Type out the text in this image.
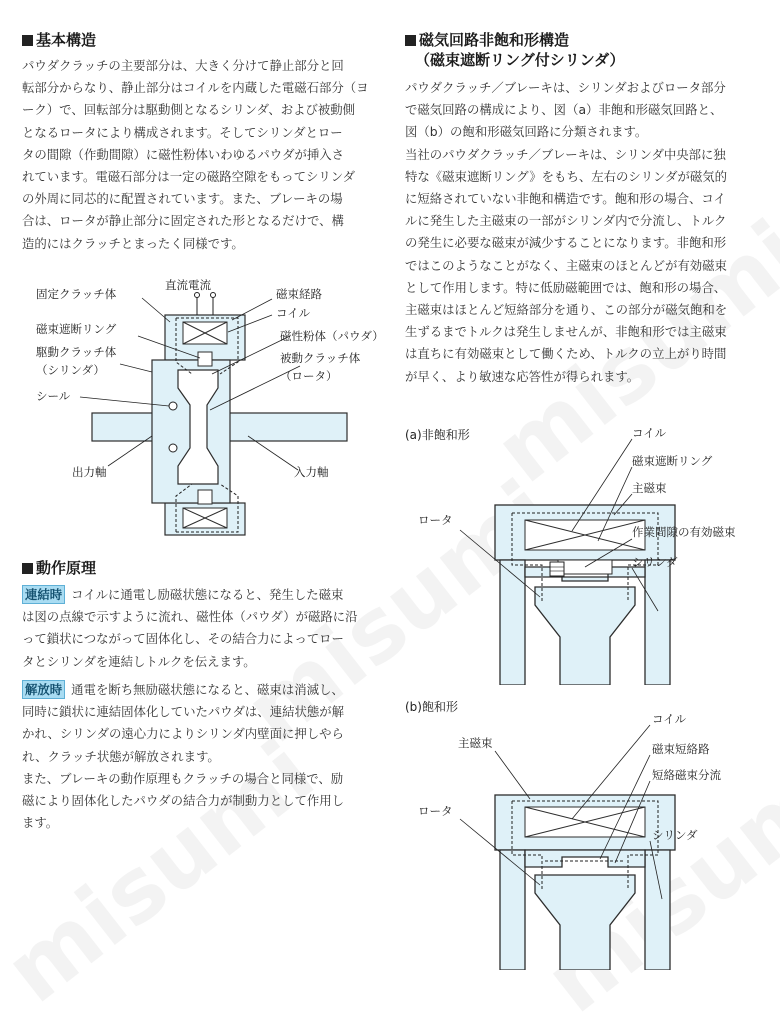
基本構造
パウダクラッチの主要部分は、大きく分けて静止部分と回
転部分からなり、静止部分はコイルを内蔵した電磁石部分（ヨ
ーク）で、回転部分は駆動側となるシリンダ、および被動側
となるロータにより構成されます。そしてシリンダとロー
タの間隙（作動間隙）に磁性粉体いわゆるパウダが挿入さ
れています。電磁石部分は一定の磁路空隙をもってシリンダ
の外周に同芯的に配置されています。また、ブレーキの場
合は、ロータが静止部分に固定された形となるだけで、構
造的にはクラッチとまったく同様です。
直流電流
固定クラッチ体	磁束経路
コイル
磁束遮断リング	磁性粉体（パウダ）
駆動クラッチ体
（シリンダ）
被動クラッチ体
（ロータ）
シール
出力軸	入力軸
動作原理
連結時 コイルに通電し励磁状態になると、発生した磁束
は図の点線で示すように流れ、磁性体（パウダ）が磁路に沿
って鎖状につながって固体化し、その結合力によってロー
タとシリンダを連結しトルクを伝えます。
解放時 通電を断ち無励磁状態になると、磁束は消滅し、
同時に鎖状に連結固体化していたパウダは、連結状態が解
かれ、シリンダの遠心力によりシリンダ内壁面に押しやら
れ、クラッチ状態が解放されます。
また、ブレーキの動作原理もクラッチの場合と同様で、励
磁により固体化したパウダの結合力が制動力として作用し
ます。
磁気回路非飽和形構造
（磁束遮断リング付シリンダ）
パウダクラッチ／ブレーキは、シリンダおよびロータ部分
で磁気回路の構成により、図（a）非飽和形磁気回路と、
図（b）の飽和形磁気回路に分類されます。
当社のパウダクラッチ／ブレーキは、シリンダ中央部に独
特な《磁束遮断リング》をもち、左右のシリンダが磁気的
に短絡されていない非飽和構造です。飽和形の場合、コイ
ルに発生した主磁束の一部がシリンダ内で分流し、トルク
の発生に必要な磁束が減少することになります。非飽和形
ではこのようなことがなく、主磁束のほとんどが有効磁束
として作用します。特に低励磁範囲では、飽和形の場合、
主磁束はほとんど短絡部分を通り、この部分が磁気飽和を
生ずるまでトルクは発生しませんが、非飽和形では主磁束
は直ちに有効磁束として働くため、トルクの立上がり時間
が早く、より敏速な応答性が得られます。
(a)非飽和形	コイル
磁束遮断リング
主磁束
ロータ
作業間隙の有効磁束
シリンダ
(b)飽和形
コイル
主磁束	磁束短絡路
短絡磁束分流
ロータ
シリンダ
